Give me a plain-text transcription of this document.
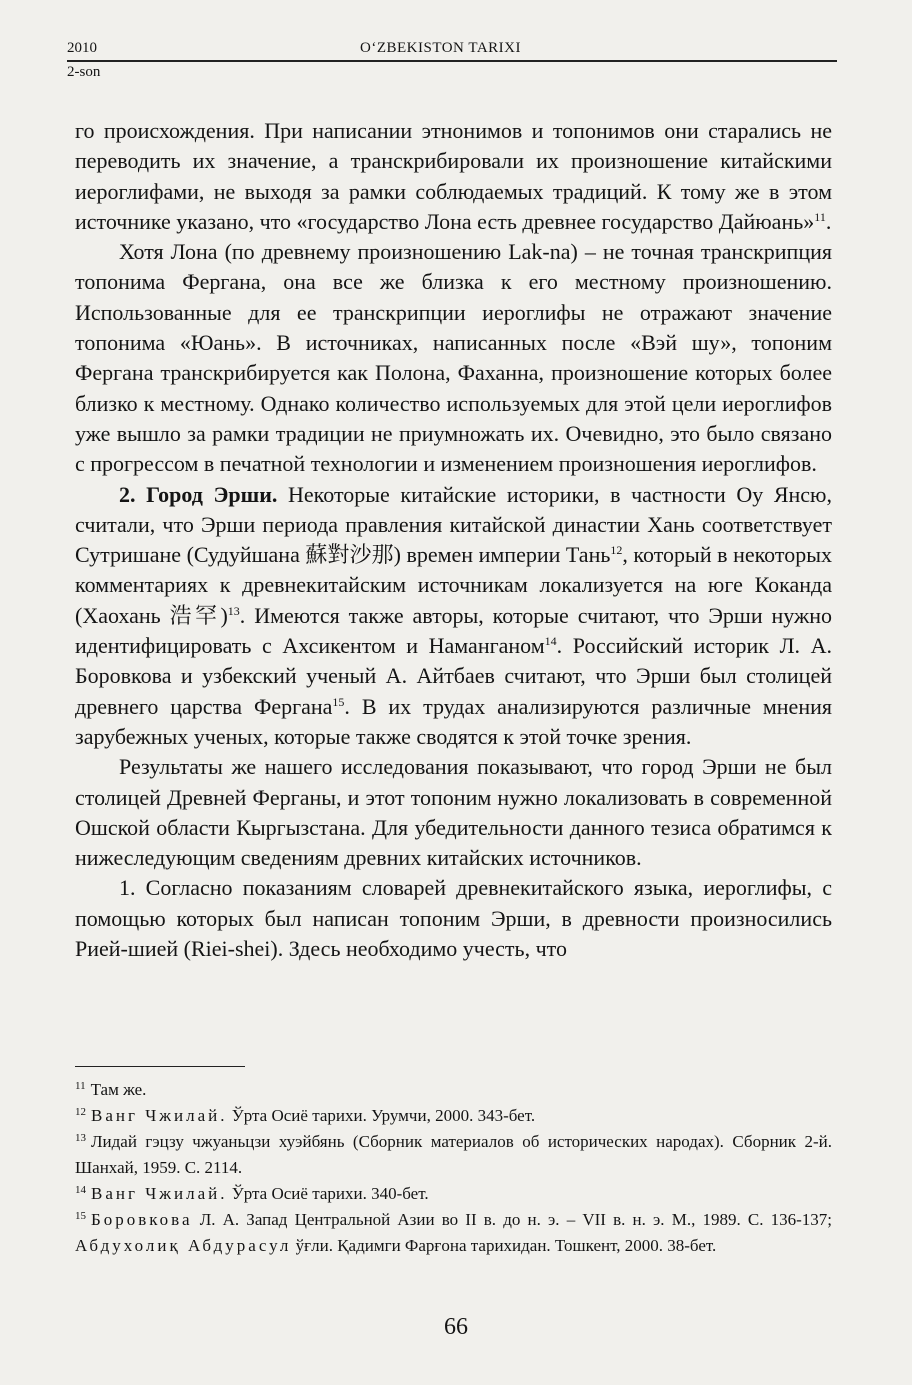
2010	O‘ZBEKISTON TARIXI
2-son

го происхождения. При написании этнонимов и топонимов они старались не переводить их значение, а транскрибировали их произношение китайскими иероглифами, не выходя за рамки соблюдаемых традиций. К тому же в этом источнике указано, что «государство Лона есть древнее государство Дайюань»$^{11}$.

Хотя Лона (по древнему произношению Lak-na) – не точная транскрипция топонима Фергана, она все же близка к его местному произношению. Использованные для ее транскрипции иероглифы не отражают значение топонима «Юань». В источниках, написанных после «Вэй шу», топоним Фергана транскрибируется как Полона, Фаханна, произношение которых более близко к местному. Однако количество используемых для этой цели иероглифов уже вышло за рамки традиции не приумножать их. Очевидно, это было связано с прогрессом в печатной технологии и изменением произношения иероглифов.

2. Город Эрши. Некоторые китайские историки, в частности Оу Янсю, считали, что Эрши периода правления китайской династии Хань соответствует Сутришане (Судуйшана 蘇對沙那) времен империи Тань$^{12}$, который в некоторых комментариях к древнекитайским источникам локализуется на юге Коканда (Хаохань 浩罕)$^{13}$. Имеются также авторы, которые считают, что Эрши нужно идентифицировать с Ахсикентом и Наманганом$^{14}$. Российский историк Л. А. Боровкова и узбекский ученый А. Айтбаев считают, что Эрши был столицей древнего царства Фергана$^{15}$. В их трудах анализируются различные мнения зарубежных ученых, которые также сводятся к этой точке зрения.

Результаты же нашего исследования показывают, что город Эрши не был столицей Древней Ферганы, и этот топоним нужно локализовать в современной Ошской области Кыргызстана. Для убедительности данного тезиса обратимся к нижеследующим сведениям древних китайских источников.

1. Согласно показаниям словарей древнекитайского языка, иероглифы, с помощью которых был написан топоним Эрши, в древности произносились Рией-шией (Riei-shei). Здесь необходимо учесть, что

$^{11}$ Там же.

$^{12}$ Ванг Чжилай. Ўрта Осиё тарихи. Урумчи, 2000. 343-бет.

$^{13}$ Лидай гэцзу чжуаньцзи хуэйбянь (Сборник материалов об исторических народах). Сборник 2-й. Шанхай, 1959. С. 2114.

$^{14}$ Ванг Чжилай. Ўрта Осиё тарихи. 340-бет.

$^{15}$ Боровкова Л. А. Запад Центральной Азии во II в. до н. э. – VII в. н. э. М., 1989. С. 136-137; Абдухолиқ Абдурасул ўғли. Қадимги Фарғона тарихидан. Тошкент, 2000. 38-бет.

66
